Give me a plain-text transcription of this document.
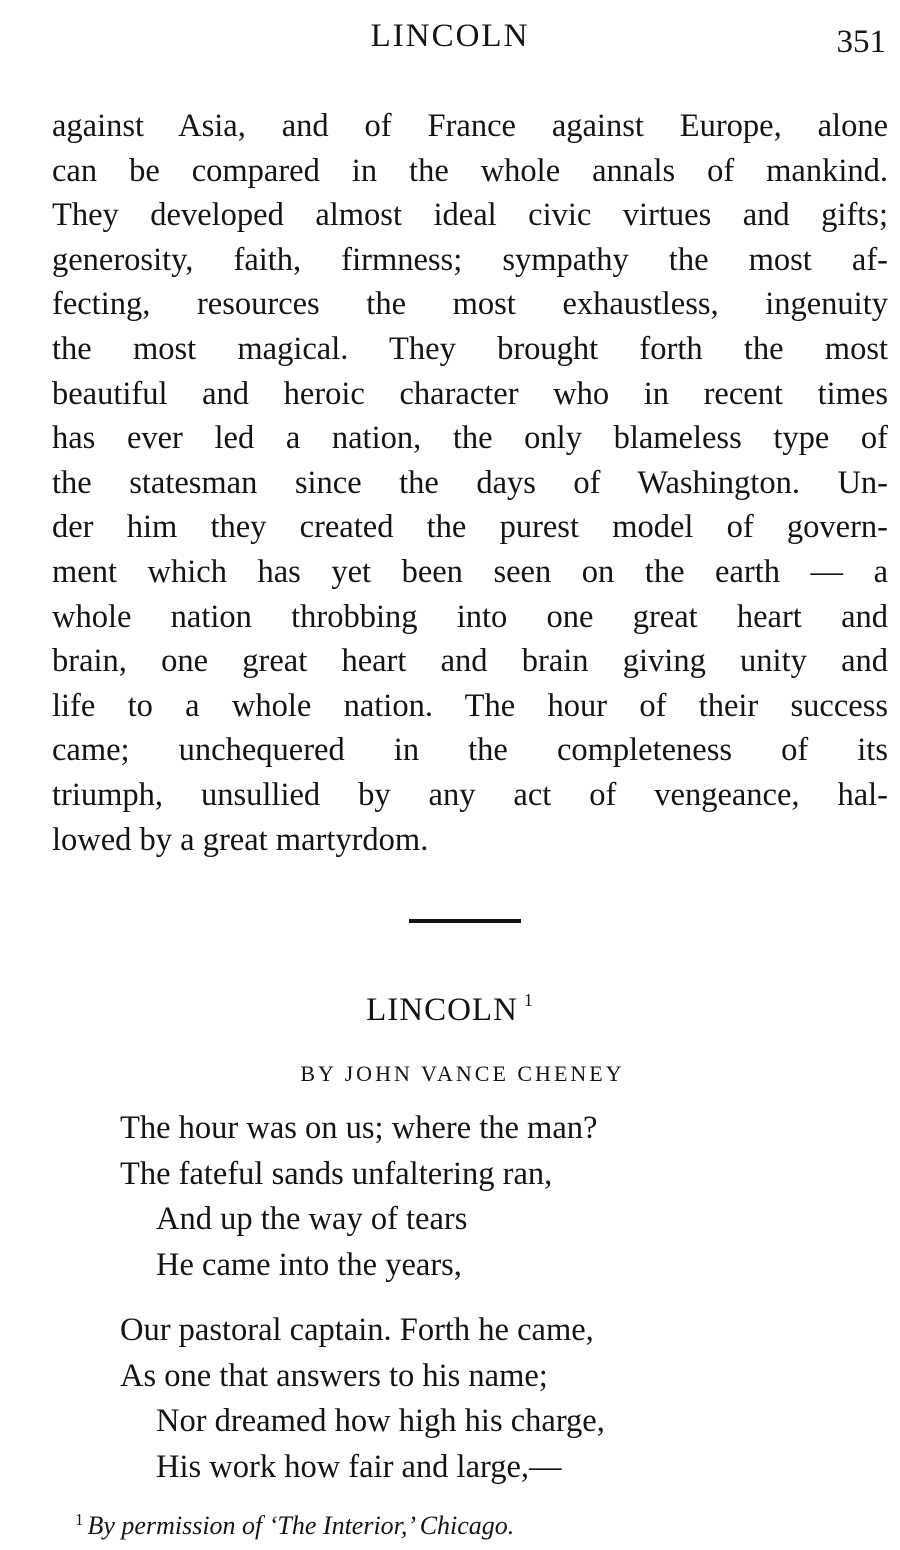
LINCOLN	351
against Asia, and of France against Europe, alone
can be compared in the whole annals of mankind.
They developed almost ideal civic virtues and gifts;
generosity, faith, firmness; sympathy the most af-
fecting, resources the most exhaustless, ingenuity
the most magical. They brought forth the most
beautiful and heroic character who in recent times
has ever led a nation, the only blameless type of
the statesman since the days of Washington. Un-
der him they created the purest model of govern-
ment which has yet been seen on the earth — a
whole nation throbbing into one great heart and
brain, one great heart and brain giving unity and
life to a whole nation. The hour of their success
came; unchequered in the completeness of its
triumph, unsullied by any act of vengeance, hal-
lowed by a great martyrdom.
LINCOLN $^1$
BY JOHN VANCE CHENEY
The hour was on us; where the man?
The fateful sands unfaltering ran,
And up the way of tears
He came into the years,
Our pastoral captain. Forth he came,
As one that answers to his name;
Nor dreamed how high his charge,
His work how fair and large,—
$^1$ By permission of ‘The Interior,’ Chicago.
